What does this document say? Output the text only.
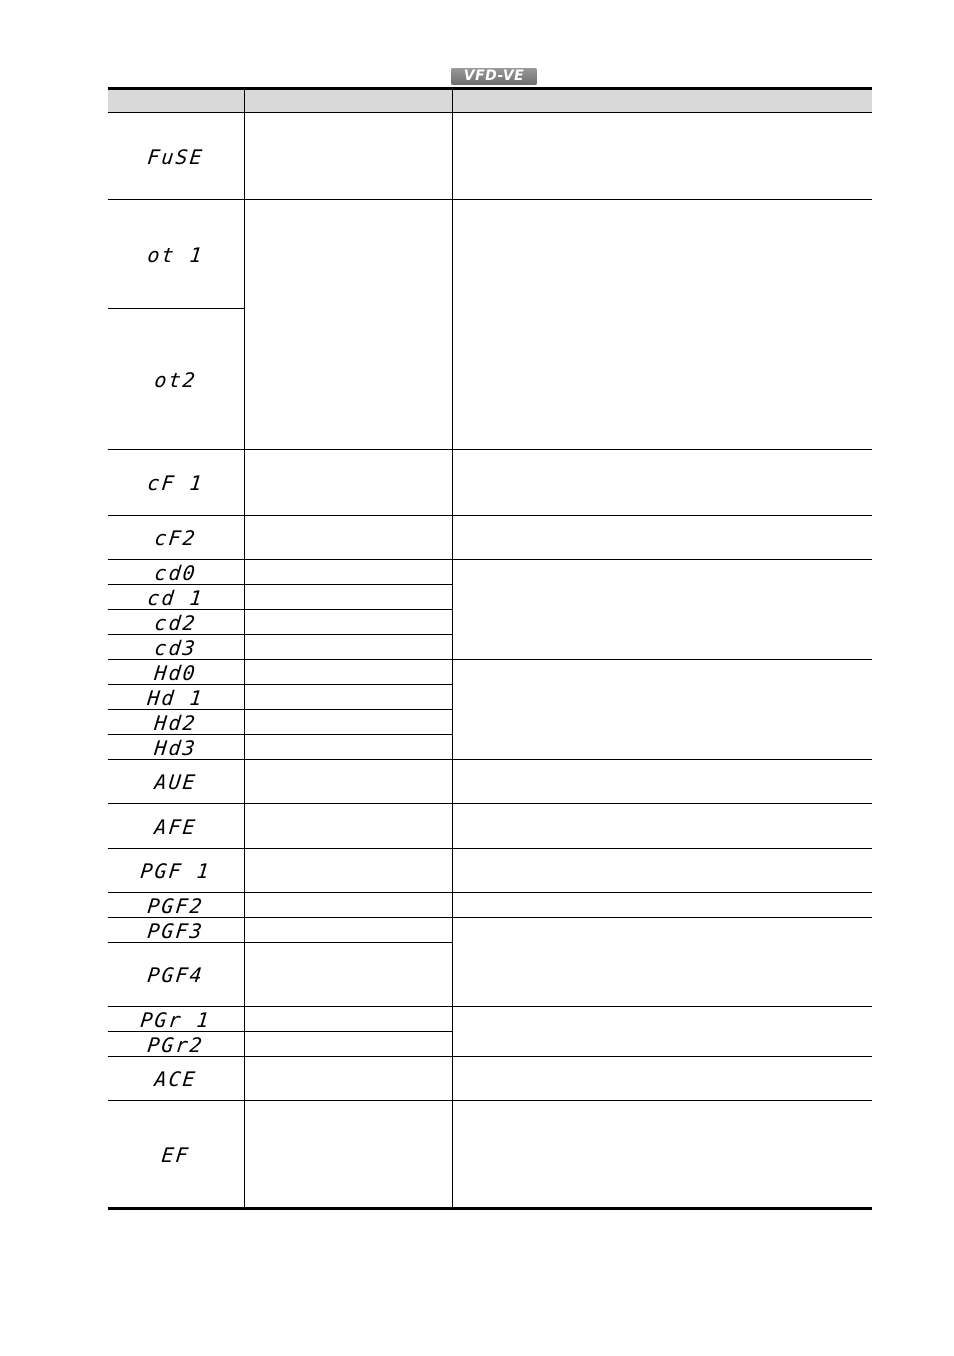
VFD-VE

FuSE		
ot 1		
ot2		
cF 1		
cF2		
cd0		
cd 1		
cd2		
cd3		
Hd0		
Hd 1		
Hd2		
Hd3		
AUE		
AFE		
PGF 1		
PGF2		
PGF3		
PGF4		
PGr 1		
PGr2		
ACE		
EF		
